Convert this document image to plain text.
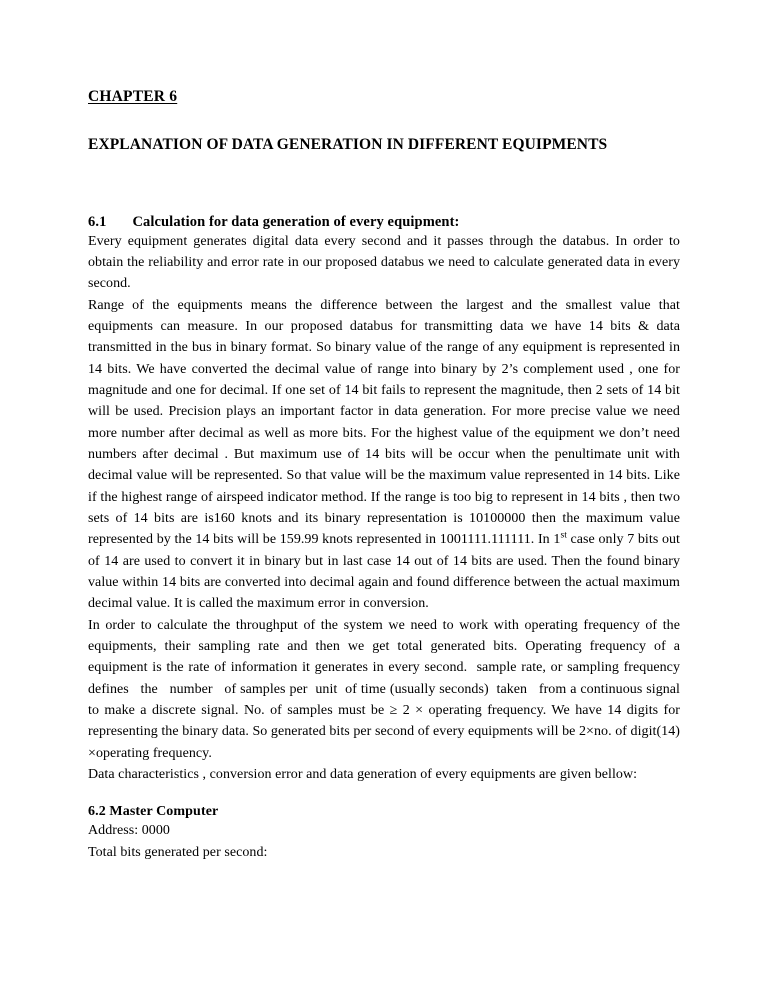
CHAPTER 6
EXPLANATION OF DATA GENERATION IN DIFFERENT EQUIPMENTS
6.1 Calculation for data generation of every equipment:

Every equipment generates digital data every second and it passes through the databus. In order to obtain the reliability and error rate in our proposed databus we need to calculate generated data in every second.

Range of the equipments means the difference between the largest and the smallest value that equipments can measure. In our proposed databus for transmitting data we have 14 bits & data transmitted in the bus in binary format. So binary value of the range of any equipment is represented in 14 bits. We have converted the decimal value of range into binary by 2’s complement used , one for magnitude and one for decimal. If one set of 14 bit fails to represent the magnitude, then 2 sets of 14 bit will be used. Precision plays an important factor in data generation. For more precise value we need more number after decimal as well as more bits. For the highest value of the equipment we don’t need numbers after decimal . But maximum use of 14 bits will be occur when the penultimate unit with decimal value will be represented. So that value will be the maximum value represented in 14 bits. Like if the highest range of airspeed indicator method. If the range is too big to represent in 14 bits , then two sets of 14 bits are is160 knots and its binary representation is 10100000 then the maximum value represented by the 14 bits will be 159.99 knots represented in 1001111.111111. In 1st case only 7 bits out of 14 are used to convert it in binary but in last case 14 out of 14 bits are used. Then the found binary value within 14 bits are converted into decimal again and found difference between the actual maximum decimal value. It is called the maximum error in conversion.

In order to calculate the throughput of the system we need to work with operating frequency of the equipments, their sampling rate and then we get total generated bits. Operating frequency of a equipment is the rate of information it generates in every second.  sample rate, or sampling frequency defines   the   number   of samples per  unit  of time (usually seconds)  taken   from a continuous signal to make a discrete signal. No. of samples must be ≥ 2 × operating frequency. We have 14 digits for representing the binary data. So generated bits per second of every equipments will be 2×no. of digit(14) ×operating frequency.

Data characteristics , conversion error and data generation of every equipments are given bellow:

6.2 Master Computer

Address: 0000

Total bits generated per second:
